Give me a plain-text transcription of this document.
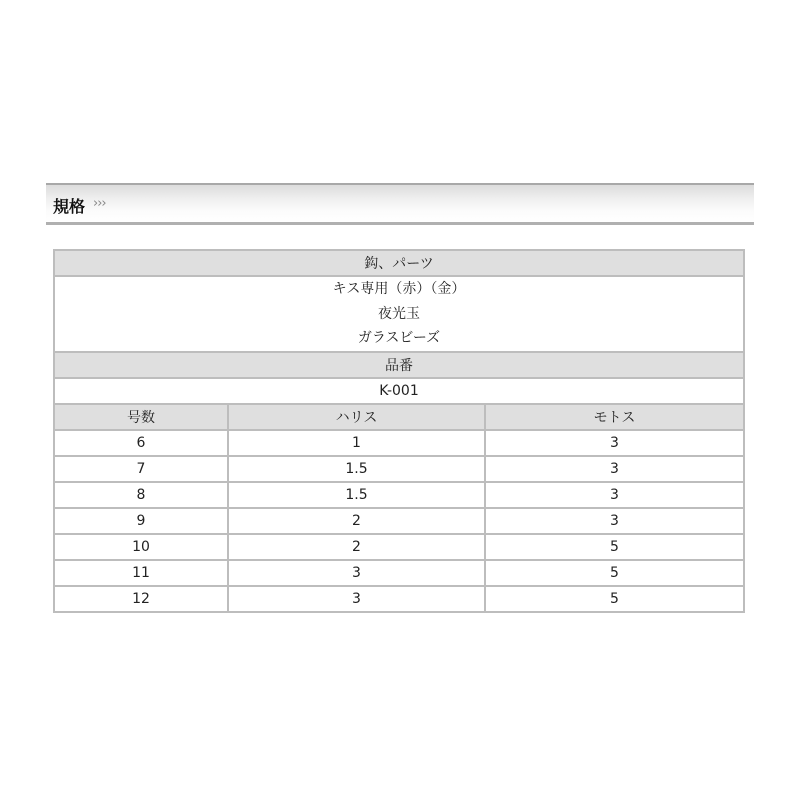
規格 ›››
鈎、パーツ		

キス専用（赤）（金）
夜光玉
ガラスビーズ		

品番		
K-001		
号数	ハリス	モトス
6	1	3
7	1.5	3
8	1.5	3
9	2	3
10	2	5
11	3	5
12	3	5
